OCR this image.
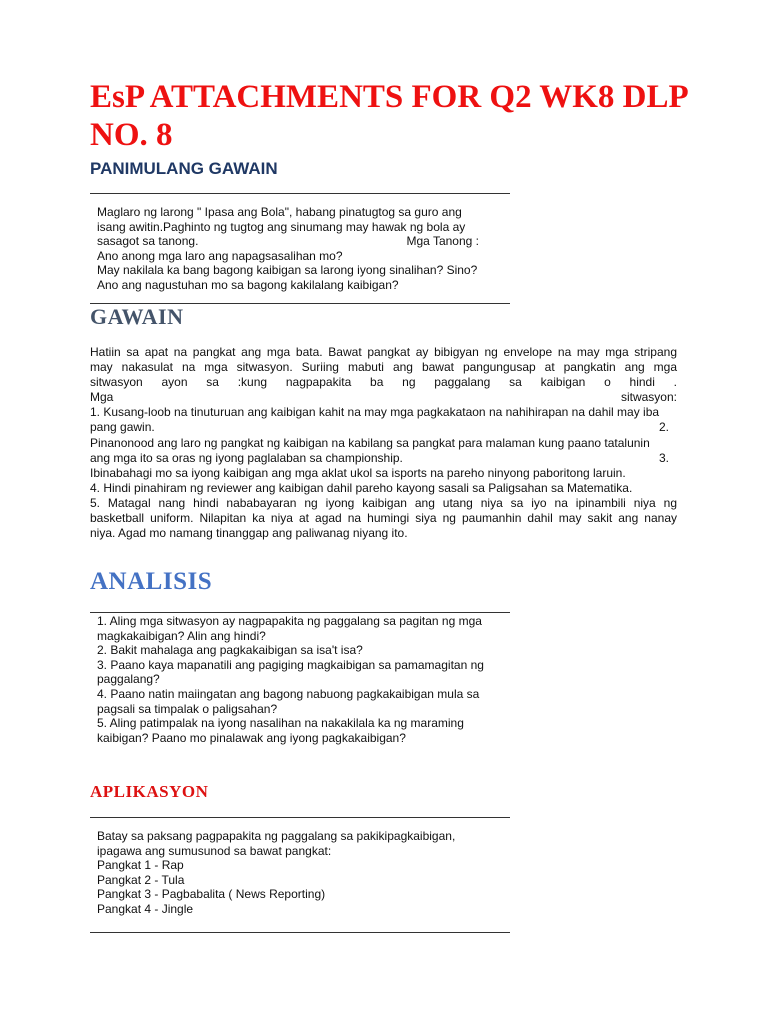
EsP ATTACHMENTS FOR Q2 WK8 DLP NO. 8
PANIMULANG GAWAIN
Maglaro ng larong " Ipasa ang Bola", habang pinatugtog sa guro ang
isang awitin.Paghinto ng tugtog ang sinumang may hawak ng bola ay
sasagot sa tanong.	Mga Tanong :
Ano anong mga laro ang napagsasalihan mo?
May nakilala ka bang bagong kaibigan sa larong iyong sinalihan? Sino?
Ano ang nagustuhan mo sa bagong kakilalang kaibigan?
GAWAIN
Hatiin sa apat na pangkat ang mga bata. Bawat pangkat ay bibigyan ng envelope na may mga stripang
may nakasulat na mga sitwasyon. Suriing mabuti ang bawat pangungusap at pangkatin ang mga
sitwasyon ayon sa :kung nagpapakita ba ng paggalang sa kaibigan o hindi .
Mga	sitwasyon:
1. Kusang-loob na tinuturuan ang kaibigan kahit na may mga pagkakataon na nahihirapan na dahil may iba
pang gawin.	2.
Pinanonood ang laro ng pangkat ng kaibigan na kabilang sa pangkat para malaman kung paano tatalunin
ang mga ito sa oras ng iyong paglalaban sa championship.	3.
Ibinabahagi mo sa iyong kaibigan ang mga aklat ukol sa isports na pareho ninyong paboritong laruin.
4. Hindi pinahiram ng reviewer ang kaibigan dahil pareho kayong sasali sa Paligsahan sa Matematika.
5. Matagal nang hindi nababayaran ng iyong kaibigan ang utang niya sa iyo na ipinambili niya ng
basketball uniform. Nilapitan ka niya at agad na humingi siya ng paumanhin dahil may sakit ang nanay
niya. Agad mo namang tinanggap ang paliwanag niyang ito.
ANALISIS
1. Aling mga sitwasyon ay nagpapakita ng paggalang sa pagitan ng mga
magkakaibigan? Alin ang hindi?
2. Bakit mahalaga ang pagkakaibigan sa isa't isa?
3. Paano kaya mapanatili ang pagiging magkaibigan sa pamamagitan ng
paggalang?
4. Paano natin maiingatan ang bagong nabuong pagkakaibigan mula sa
pagsali sa timpalak o paligsahan?
5. Aling patimpalak na iyong nasalihan na nakakilala ka ng maraming
kaibigan? Paano mo pinalawak ang iyong pagkakaibigan?
APLIKASYON
Batay sa paksang pagpapakita ng paggalang sa pakikipagkaibigan,
ipagawa ang sumusunod sa bawat pangkat:
Pangkat 1 - Rap
Pangkat 2 - Tula
Pangkat 3 - Pagbabalita ( News Reporting)
Pangkat 4 - Jingle
